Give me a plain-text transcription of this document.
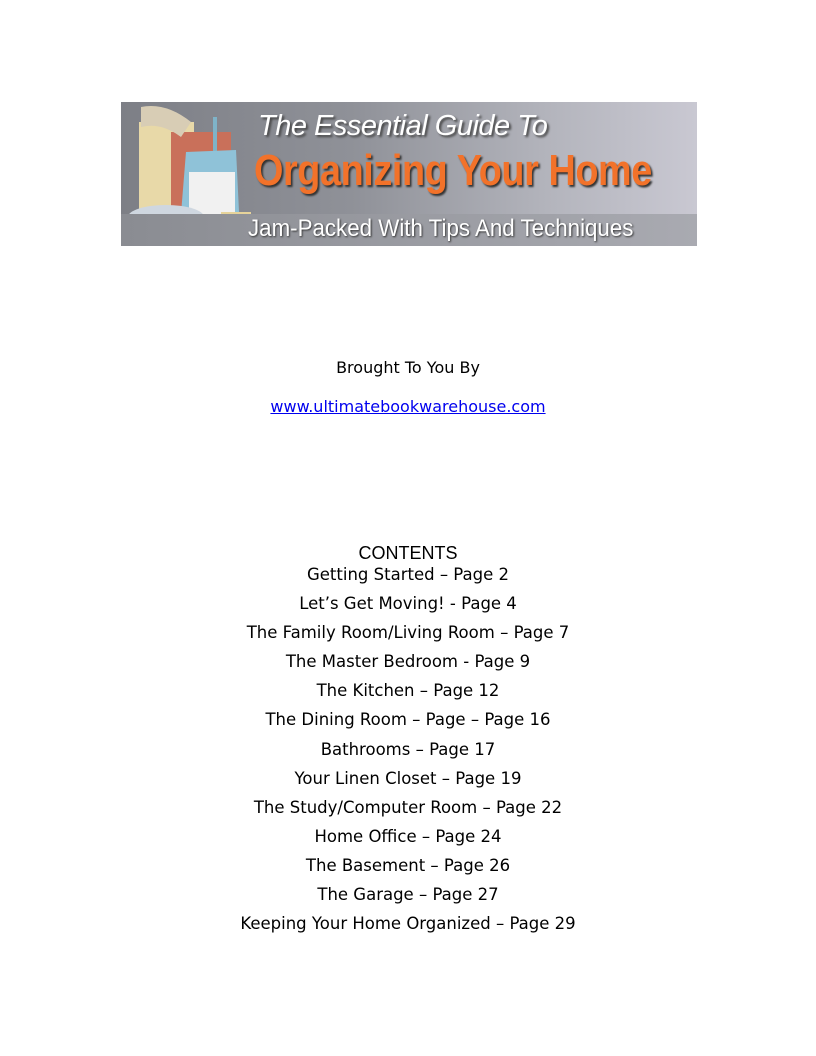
The Essential Guide To
Organizing Your Home
Jam-Packed With Tips And Techniques
Brought To You By
www.ultimatebookwarehouse.com
CONTENTS
Getting Started – Page 2
Let’s Get Moving! - Page 4
The Family Room/Living Room – Page 7
The Master Bedroom - Page 9
The Kitchen – Page 12
The Dining Room – Page – Page 16
Bathrooms – Page 17
Your Linen Closet – Page 19
The Study/Computer Room – Page 22
Home Office – Page 24
The Basement – Page 26
The Garage – Page 27
Keeping Your Home Organized – Page 29
